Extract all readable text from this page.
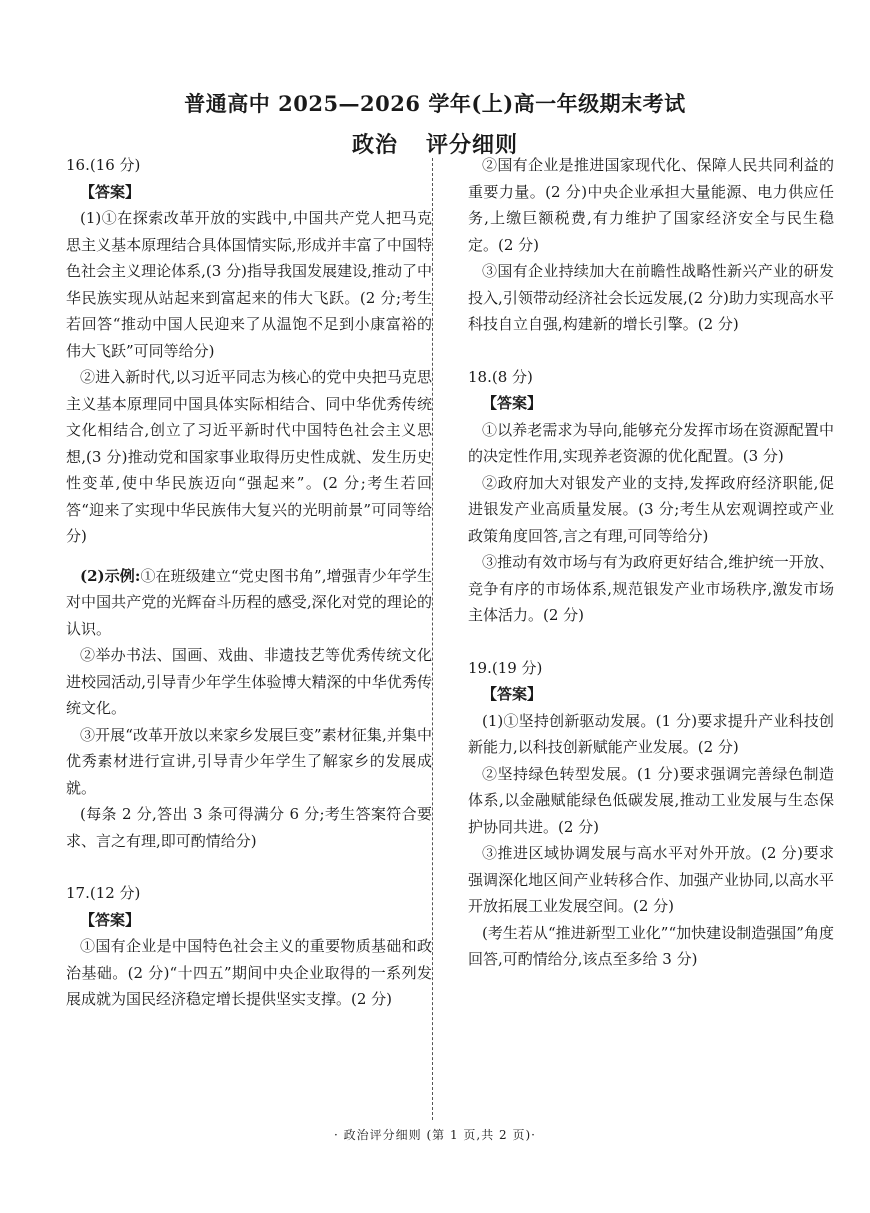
普通高中 2025—2026 学年(上)高一年级期末考试
政治 评分细则

16.(16 分)

【答案】

(1)①在探索改革开放的实践中,中国共产党人把马克思主义基本原理结合具体国情实际,形成并丰富了中国特色社会主义理论体系,(3 分)指导我国发展建设,推动了中华民族实现从站起来到富起来的伟大飞跃。(2 分;考生若回答“推动中国人民迎来了从温饱不足到小康富裕的伟大飞跃”可同等给分)

②进入新时代,以习近平同志为核心的党中央把马克思主义基本原理同中国具体实际相结合、同中华优秀传统文化相结合,创立了习近平新时代中国特色社会主义思想,(3 分)推动党和国家事业取得历史性成就、发生历史性变革,使中华民族迈向“强起来”。(2 分;考生若回答“迎来了实现中华民族伟大复兴的光明前景”可同等给分)

(2)示例:①在班级建立“党史图书角”,增强青少年学生对中国共产党的光辉奋斗历程的感受,深化对党的理论的认识。

②举办书法、国画、戏曲、非遗技艺等优秀传统文化进校园活动,引导青少年学生体验博大精深的中华优秀传统文化。

③开展“改革开放以来家乡发展巨变”素材征集,并集中优秀素材进行宣讲,引导青少年学生了解家乡的发展成就。

(每条 2 分,答出 3 条可得满分 6 分;考生答案符合要求、言之有理,即可酌情给分)

17.(12 分)

【答案】

①国有企业是中国特色社会主义的重要物质基础和政治基础。(2 分)“十四五”期间中央企业取得的一系列发展成就为国民经济稳定增长提供坚实支撑。(2 分)

②国有企业是推进国家现代化、保障人民共同利益的重要力量。(2 分)中央企业承担大量能源、电力供应任务,上缴巨额税费,有力维护了国家经济安全与民生稳定。(2 分)

③国有企业持续加大在前瞻性战略性新兴产业的研发投入,引领带动经济社会长远发展,(2 分)助力实现高水平科技自立自强,构建新的增长引擎。(2 分)

18.(8 分)

【答案】

①以养老需求为导向,能够充分发挥市场在资源配置中的决定性作用,实现养老资源的优化配置。(3 分)

②政府加大对银发产业的支持,发挥政府经济职能,促进银发产业高质量发展。(3 分;考生从宏观调控或产业政策角度回答,言之有理,可同等给分)

③推动有效市场与有为政府更好结合,维护统一开放、竞争有序的市场体系,规范银发产业市场秩序,激发市场主体活力。(2 分)

19.(19 分)

【答案】

(1)①坚持创新驱动发展。(1 分)要求提升产业科技创新能力,以科技创新赋能产业发展。(2 分)

②坚持绿色转型发展。(1 分)要求强调完善绿色制造体系,以金融赋能绿色低碳发展,推动工业发展与生态保护协同共进。(2 分)

③推进区域协调发展与高水平对外开放。(2 分)要求强调深化地区间产业转移合作、加强产业协同,以高水平开放拓展工业发展空间。(2 分)

(考生若从“推进新型工业化”“加快建设制造强国”角度回答,可酌情给分,该点至多给 3 分)

· 政治评分细则 (第 1 页,共 2 页)·
